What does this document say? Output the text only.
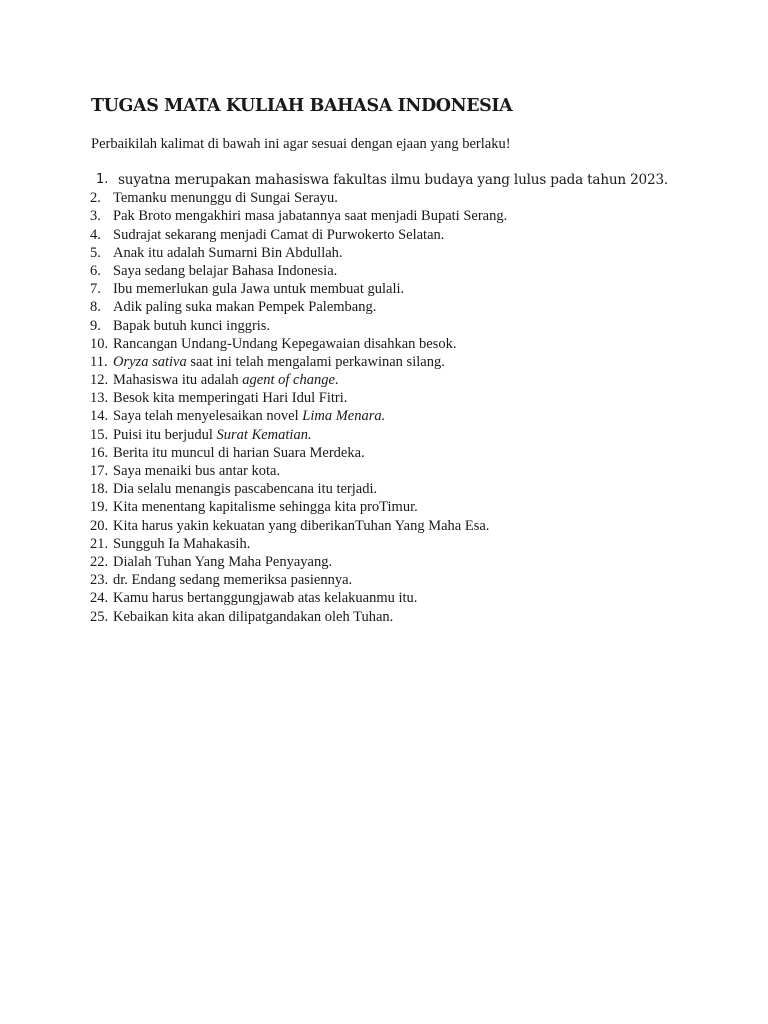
TUGAS MATA KULIAH BAHASA INDONESIA

Perbaikilah kalimat di bawah ini agar sesuai dengan ejaan yang berlaku!

1. suyatna merupakan mahasiswa fakultas ilmu budaya yang lulus pada tahun 2023.
2. Temanku menunggu di Sungai Serayu.
3. Pak Broto mengakhiri masa jabatannya saat menjadi Bupati Serang.
4. Sudrajat sekarang menjadi Camat di Purwokerto Selatan.
5. Anak itu adalah Sumarni Bin Abdullah.
6. Saya sedang belajar Bahasa Indonesia.
7. Ibu memerlukan gula Jawa untuk membuat gulali.
8. Adik paling suka makan Pempek Palembang.
9. Bapak butuh kunci inggris.
10. Rancangan Undang-Undang Kepegawaian disahkan besok.
11. Oryza sativa saat ini telah mengalami perkawinan silang.
12. Mahasiswa itu adalah agent of change.
13. Besok kita memperingati Hari Idul Fitri.
14. Saya telah menyelesaikan novel Lima Menara.
15. Puisi itu berjudul Surat Kematian.
16. Berita itu muncul di harian Suara Merdeka.
17. Saya menaiki bus antar kota.
18. Dia selalu menangis pascabencana itu terjadi.
19. Kita menentang kapitalisme sehingga kita proTimur.
20. Kita harus yakin kekuatan yang diberikanTuhan Yang Maha Esa.
21. Sungguh Ia Mahakasih.
22. Dialah Tuhan Yang Maha Penyayang.
23. dr. Endang sedang memeriksa pasiennya.
24. Kamu harus bertanggungjawab atas kelakuanmu itu.
25. Kebaikan kita akan dilipatgandakan oleh Tuhan.
